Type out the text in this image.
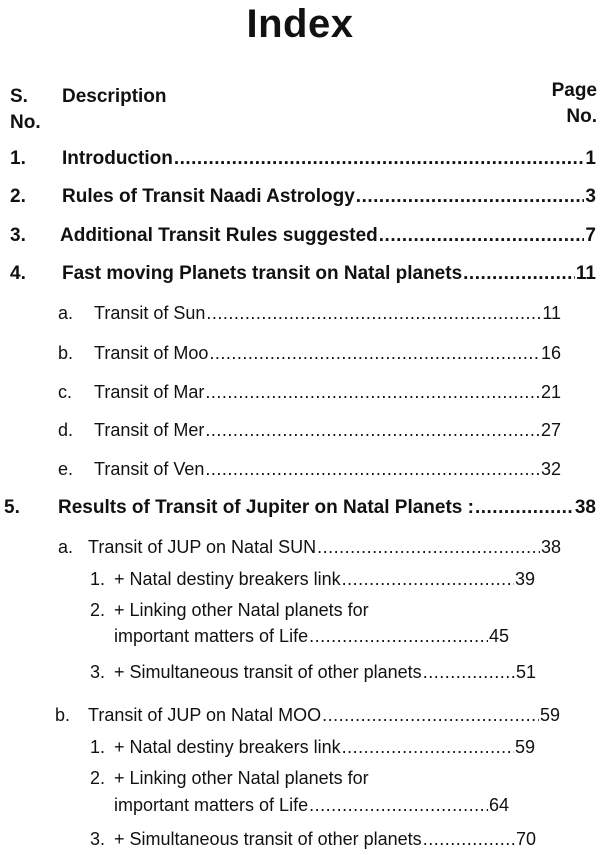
Index
S.
No.
Description	Page
No.
1.	Introduction .....	1
2.	Rules of Transit Naadi Astrology .....	3
3.	Additional Transit Rules suggested .....	7
4.	Fast moving Planets transit on Natal planets .....	11
a.	Transit of Sun .....	11
b.	Transit of Moo .....	16
c.	Transit of Mar .....	21
d.	Transit of Mer .....	27
e.	Transit of Ven .....	32
5.	Results of Transit of Jupiter on Natal Planets : .....	38
a. Transit of JUP on Natal SUN .....	38
1. + Natal destiny breakers link .....	39
2. + Linking other Natal planets for
important matters of Life .....	45
3. + Simultaneous transit of other planets .....	51
b. Transit of JUP on Natal MOO .....	59
1. + Natal destiny breakers link .....	59
2. + Linking other Natal planets for
important matters of Life .....	64
3. + Simultaneous transit of other planets .....	70
